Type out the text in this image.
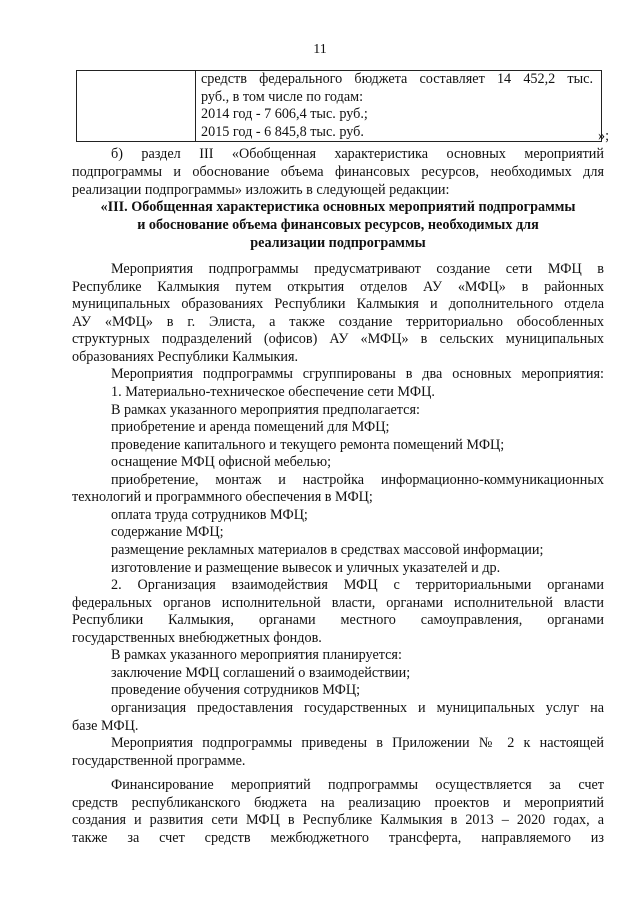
11

средств федерального бюджета составляет 14 452,2 тыс.
руб., в том числе по годам:
2014 год - 7 606,4 тыс. руб.;
2015 год - 6 845,8 тыс. руб.	»;
б) раздел III «Обобщенная характеристика основных мероприятий
подпрограммы и обоснование объема финансовых ресурсов, необходимых для
реализации подпрограммы» изложить в следующей редакции:
«III. Обобщенная характеристика основных мероприятий подпрограммы
и обоснование объема финансовых ресурсов, необходимых для
реализации подпрограммы
Мероприятия подпрограммы предусматривают создание сети МФЦ в
Республике Калмыкия путем открытия отделов АУ «МФЦ» в районных
муниципальных образованиях Республики Калмыкия и дополнительного отдела
АУ «МФЦ» в г. Элиста, а также создание территориально обособленных
структурных подразделений (офисов) АУ «МФЦ» в сельских муниципальных
образованиях Республики Калмыкия.
Мероприятия подпрограммы сгруппированы в два основных мероприятия:
1. Материально-техническое обеспечение сети МФЦ.
В рамках указанного мероприятия предполагается:
приобретение и аренда помещений для МФЦ;
проведение капитального и текущего ремонта помещений МФЦ;
оснащение МФЦ офисной мебелью;
приобретение, монтаж и настройка информационно-коммуникационных
технологий и программного обеспечения в МФЦ;
оплата труда сотрудников МФЦ;
содержание МФЦ;
размещение рекламных материалов в средствах массовой информации;
изготовление и размещение вывесок и уличных указателей и др.
2. Организация взаимодействия МФЦ с территориальными органами
федеральных органов исполнительной власти, органами исполнительной власти
Республики Калмыкия, органами местного самоуправления, органами
государственных внебюджетных фондов.
В рамках указанного мероприятия планируется:
заключение МФЦ соглашений о взаимодействии;
проведение обучения сотрудников МФЦ;
организация предоставления государственных и муниципальных услуг на
базе МФЦ.
Мероприятия подпрограммы приведены в Приложении № 2 к настоящей
государственной программе.
Финансирование мероприятий подпрограммы осуществляется за счет
средств республиканского бюджета на реализацию проектов и мероприятий
создания и развития сети МФЦ в Республике Калмыкия в 2013 – 2020 годах, а
также за счет средств межбюджетного трансферта, направляемого из
